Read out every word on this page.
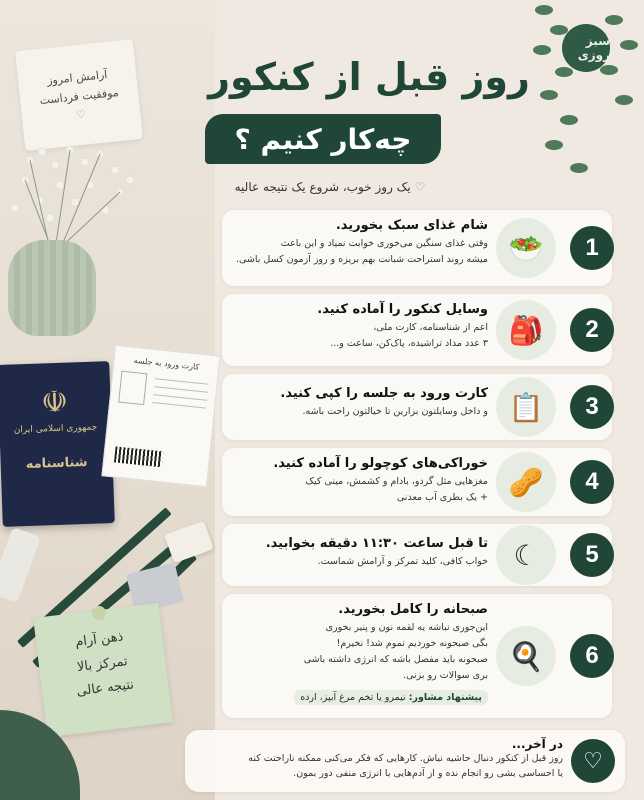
آرامش امروز
موفقیت فرداست
♡
☫
جمهوری اسلامی ایران
شناسنامه
کارت ورود به جلسه
ذهن آرام
تمرکز بالا
نتیجه عالی
سبز روزی
روز قبل از کنکور
چه‌کار کنیم ؟
♡ یک روز خوب، شروع یک نتیجه عالیه
1
🥗
شام غذای سبک بخورید.
وقتی غذای سنگین می‌خوری خوابت نمیاد و این باعث
میشه روند استراحت شبانت بهم بریزه و روز آزمون کسل باشی.
2
🎒
وسایل کنکور را آماده کنید.
اعم از شناسنامه، کارت ملی،
۳ عدد مداد تراشیده، پاک‌کن، ساعت و...
3
📋
کارت ورود به جلسه را کپی کنید.
و داخل وسایلتون بزارین تا خیالتون راحت باشه.
4
🥜
خوراکی‌های کوچولو را آماده کنید.
مغزهایی مثل گردو، بادام و کشمش، مینی کیک
+ یک بطری آب معدنی
5
☾
تا قبل ساعت ۱۱:۳۰ دقیقه بخوابید.
خواب کافی، کلید تمرکز و آرامش شماست.
6
🍳
صبحانه را کامل بخورید.
این‌جوری نباشه یه لقمه نون و پنیر بخوری
بگی صبحونه خوردیم تموم شد! نخیرم!
صبحونه باید مفصل باشه که انرژی داشته باشی
بری سوالات رو بزنی.
پیشنهاد مشاور: نیمرو یا تخم مرغ آبپز، ارده
♡
در آخر...
روز قبل از کنکور دنبال حاشیه نباش. کارهایی که فکر می‌کنی ممکنه ناراحتت کنه
یا احساسی بشی رو انجام نده و از آدم‌هایی با انرژی منفی دور بمون.
